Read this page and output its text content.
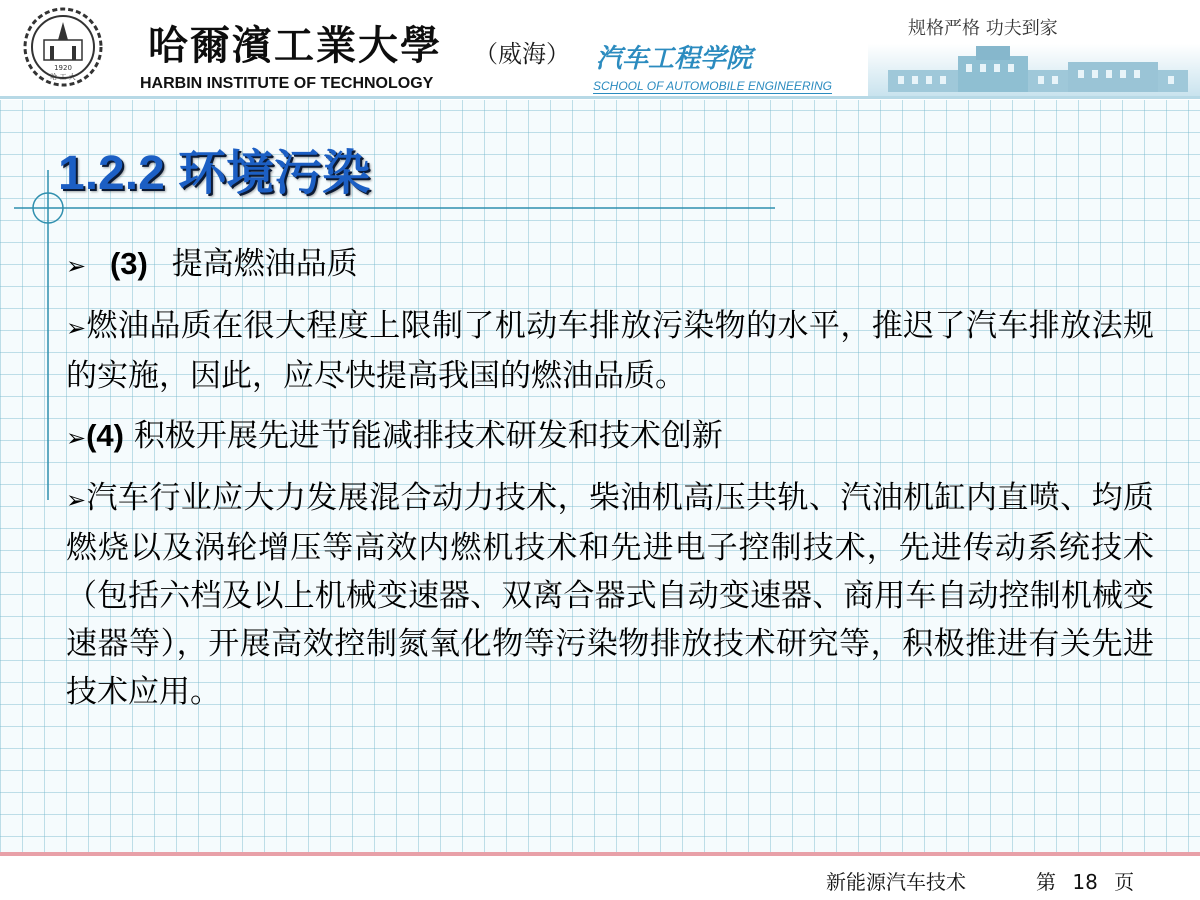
1920
哈 工 大
哈爾濱工業大學 （威海） 汽车工程学院
HARBIN INSTITUTE OF TECHNOLOGY	SCHOOL OF AUTOMOBILE ENGINEERING
规格严格 功夫到家
1.2.2 环境污染

➢ (3) 提高燃油品质

➢燃油品质在很大程度上限制了机动车排放污染物的水平，推迟了汽车排放法规的实施，因此，应尽快提高我国的燃油品质。

➢(4) 积极开展先进节能减排技术研发和技术创新

➢汽车行业应大力发展混合动力技术，柴油机高压共轨、汽油机缸内直喷、均质燃烧以及涡轮增压等高效内燃机技术和先进电子控制技术，先进传动系统技术（包括六档及以上机械变速器、双离合器式自动变速器、商用车自动控制机械变速器等），开展高效控制氮氧化物等污染物排放技术研究等，积极推进有关先进技术应用。

新能源汽车技术	第 18 页
